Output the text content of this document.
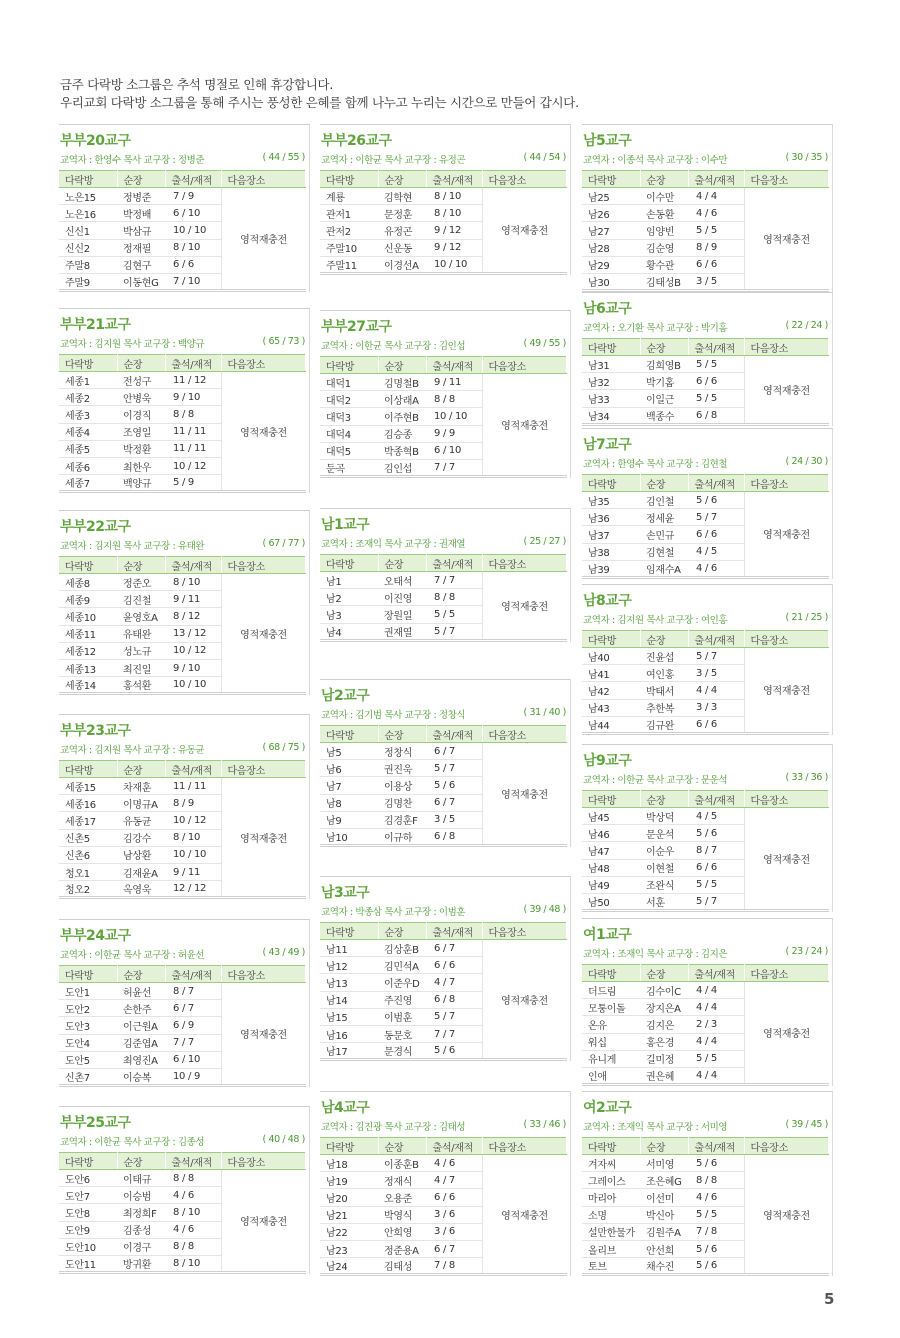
금주 다락방 소그룹은 추석 명절로 인해 휴강합니다.
우리교회 다락방 소그룹을 통해 주시는 풍성한 은혜를 함께 나누고 누리는 시간으로 만들어 갑시다.
부부20교구
교역자 : 한영수 목사 교구장 : 정병준	( 44 / 55 )
다락방	순장	출석/재적	다음장소
노은15	정병준	7 / 9	영적재충전
노은16	박정배	6 / 10	
신신1	박삼규	10 / 10	
신신2	정재필	8 / 10	
주말8	김현구	6 / 6	
주말9	이동현G	7 / 10	
부부21교구
교역자 : 김지원 목사 교구장 : 백양규	( 65 / 73 )
다락방	순장	출석/재적	다음장소
세종1	전성구	11 / 12	영적재충전
세종2	안병욱	9 / 10	
세종3	이경직	8 / 8	
세종4	조영일	11 / 11	
세종5	박정환	11 / 11	
세종6	최한우	10 / 12	
세종7	백양규	5 / 9	
부부22교구
교역자 : 김지원 목사 교구장 : 유태완	( 67 / 77 )
다락방	순장	출석/재적	다음장소
세종8	정준오	8 / 10	영적재충전
세종9	김진철	9 / 11	
세종10	윤영호A	8 / 12	
세종11	유태완	13 / 12	
세종12	성노규	10 / 12	
세종13	최진일	9 / 10	
세종14	홍석환	10 / 10	
부부23교구
교역자 : 김지원 목사 교구장 : 유동균	( 68 / 75 )
다락방	순장	출석/재적	다음장소
세종15	차재훈	11 / 11	영적재충전
세종16	이명규A	8 / 9	
세종17	유동균	10 / 12	
신촌5	김강수	8 / 10	
신촌6	남상환	10 / 10	
청오1	김재윤A	9 / 11	
청오2	옥영욱	12 / 12	
부부24교구
교역자 : 이한균 목사 교구장 : 허윤선	( 43 / 49 )
다락방	순장	출석/재적	다음장소
도안1	허윤선	8 / 7	영적재충전
도안2	손한주	6 / 7	
도안3	이근원A	6 / 9	
도안4	김준엽A	7 / 7	
도안5	최영진A	6 / 10	
신촌7	이승복	10 / 9	
부부25교구
교역자 : 이한균 목사 교구장 : 김종성	( 40 / 48 )
다락방	순장	출석/재적	다음장소
도안6	이태규	8 / 8	영적재충전
도안7	이승범	4 / 6	
도안8	최정희F	8 / 10	
도안9	김종성	4 / 6	
도안10	이경구	8 / 8	
도안11	방귀환	8 / 10	
부부26교구
교역자 : 이한균 목사 교구장 : 유정곤	( 44 / 54 )
다락방	순장	출석/재적	다음장소
계룡	김학현	8 / 10	영적재충전
관저1	문정훈	8 / 10	
관저2	유정곤	9 / 12	
주말10	신운동	9 / 12	
주말11	이경선A	10 / 10	
부부27교구
교역자 : 이한균 목사 교구장 : 김인섭	( 49 / 55 )
다락방	순장	출석/재적	다음장소
대덕1	김명철B	9 / 11	영적재충전
대덕2	이상래A	8 / 8	
대덕3	이주현B	10 / 10	
대덕4	김승종	9 / 9	
대덕5	박종혁B	6 / 10	
둔곡	김인섭	7 / 7	
남1교구
교역자 : 조재익 목사 교구장 : 권재열	( 25 / 27 )
다락방	순장	출석/재적	다음장소
남1	오태석	7 / 7	영적재충전
남2	이진영	8 / 8	
남3	장원일	5 / 5	
남4	권재열	5 / 7	
남2교구
교역자 : 김기범 목사 교구장 : 정창식	( 31 / 40 )
다락방	순장	출석/재적	다음장소
남5	정창식	6 / 7	영적재충전
남6	권진욱	5 / 7	
남7	이용상	5 / 6	
남8	김명찬	6 / 7	
남9	김경훈F	3 / 5	
남10	이규하	6 / 8	
남3교구
교역자 : 박종삼 목사 교구장 : 이범훈	( 39 / 48 )
다락방	순장	출석/재적	다음장소
남11	김상훈B	6 / 7	영적재충전
남12	김민석A	6 / 6	
남13	이준우D	4 / 7	
남14	주진영	6 / 8	
남15	이범훈	5 / 7	
남16	동문호	7 / 7	
남17	문경식	5 / 6	
남4교구
교역자 : 김진광 목사 교구장 : 김태성	( 33 / 46 )
다락방	순장	출석/재적	다음장소
남18	이종훈B	4 / 6	영적재충전
남19	정재식	4 / 7	
남20	오용준	6 / 6	
남21	박영식	3 / 6	
남22	안희영	3 / 6	
남23	정준용A	6 / 7	
남24	김태성	7 / 8	
남5교구
교역자 : 이종석 목사 교구장 : 이수만	( 30 / 35 )
다락방	순장	출석/재적	다음장소
남25	이수만	4 / 4	영적재충전
남26	손동환	4 / 6	
남27	임양빈	5 / 5	
남28	김순영	8 / 9	
남29	황수관	6 / 6	
남30	김태성B	3 / 5	
남6교구
교역자 : 오기환 목사 교구장 : 박기홈	( 22 / 24 )
다락방	순장	출석/재적	다음장소
남31	김희영B	5 / 5	영적재충전
남32	박기홈	6 / 6	
남33	이일근	5 / 5	
남34	백종수	6 / 8	
남7교구
교역자 : 한영수 목사 교구장 : 김현철	( 24 / 30 )
다락방	순장	출석/재적	다음장소
남35	김인철	5 / 6	영적재충전
남36	정세윤	5 / 7	
남37	손민규	6 / 6	
남38	김현철	4 / 5	
남39	임재수A	4 / 6	
남8교구
교역자 : 김지원 목사 교구장 : 여인홍	( 21 / 25 )
다락방	순장	출석/재적	다음장소
남40	진윤섭	5 / 7	영적재충전
남41	여인홍	3 / 5	
남42	박태서	4 / 4	
남43	추한복	3 / 3	
남44	김규완	6 / 6	
남9교구
교역자 : 이한균 목사 교구장 : 문운석	( 33 / 36 )
다락방	순장	출석/재적	다음장소
남45	박상덕	4 / 5	영적재충전
남46	문운석	5 / 6	
남47	이순우	8 / 7	
남48	이현철	6 / 6	
남49	조완식	5 / 5	
남50	서훈	5 / 7	
여1교구
교역자 : 조재익 목사 교구장 : 김지은	( 23 / 24 )
다락방	순장	출석/재적	다음장소
더드림	김수이C	4 / 4	영적재충전
모퉁이돌	장지은A	4 / 4	
온유	김지은	2 / 3	
워십	홍은경	4 / 4	
유니게	길미정	5 / 5	
인애	권은혜	4 / 4	
여2교구
교역자 : 조재익 목사 교구장 : 서미영	( 39 / 45 )
다락방	순장	출석/재적	다음장소
겨자씨	서미영	5 / 6	영적재충전
그레이스	조은혜G	8 / 8	
마리아	이선미	4 / 6	
소명	박신아	5 / 5	
설만한물가	김원주A	7 / 8	
올리브	안선희	5 / 6	
토브	채수진	5 / 6	
5
